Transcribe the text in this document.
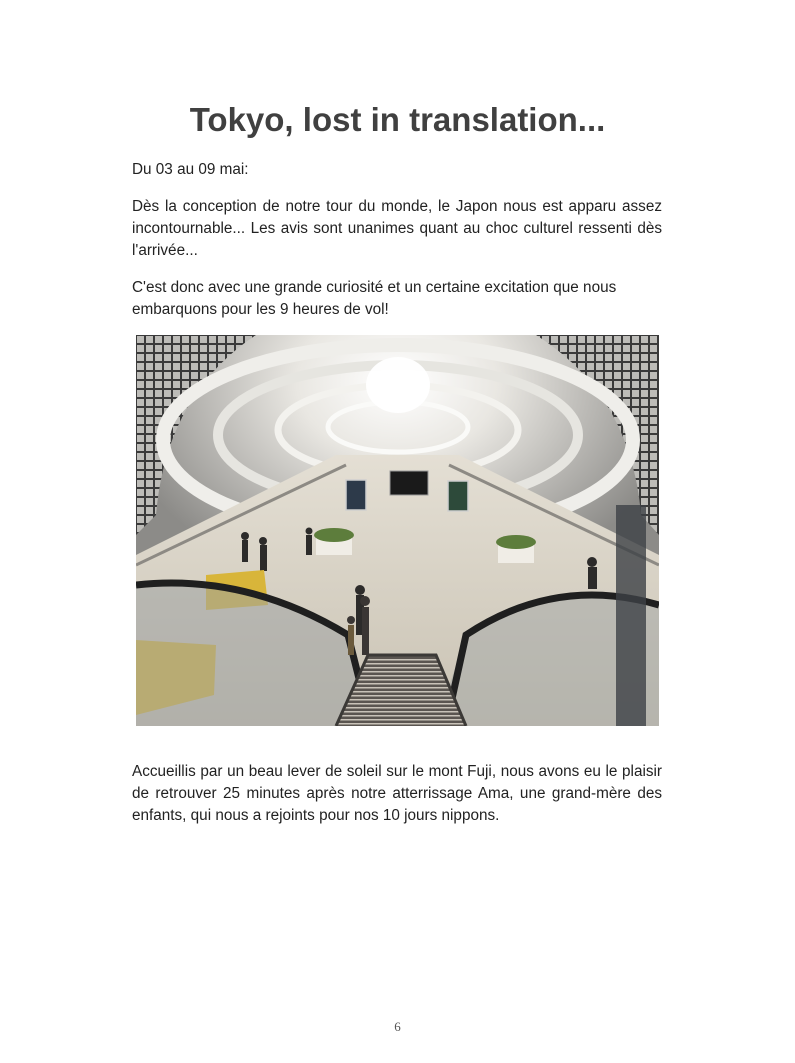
Tokyo, lost in translation...

Du 03 au 09 mai:

Dès la conception de notre tour du monde, le Japon nous est apparu assez incontournable... Les avis sont unanimes quant au choc culturel ressenti dès l'arrivée...

C'est donc avec une grande curiosité et un certaine excitation que nous embarquons pour les 9 heures de vol!

Accueillis par un beau lever de soleil sur le mont Fuji, nous avons eu le plaisir de retrouver 25 minutes après notre atterrissage Ama, une grand-mère des enfants, qui nous a rejoints pour nos 10 jours nippons.

6
